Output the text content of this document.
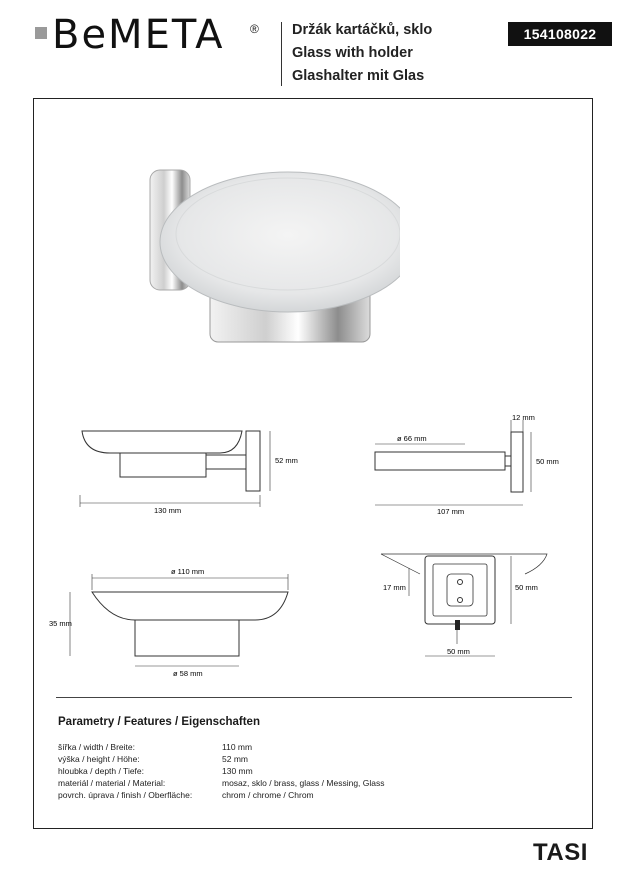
BeMETA ® Držák kartáčků, sklo
Glass with holder
Glashalter mit Glas
154108022
52 mm
130 mm
12 mm
ø 66 mm
50 mm
107 mm
ø 110 mm
35 mm
ø 58 mm
17 mm	50 mm
50 mm
Parametry / Features / Eigenschaften
šířka / width / Breite:	110 mm
výška / height / Höhe:	52 mm
hloubka / depth / Tiefe:	130 mm
materiál / material / Material:	mosaz, sklo / brass, glass / Messing, Glass
povrch. úprava / finish / Oberfläche:	chrom / chrome / Chrom
TASI
